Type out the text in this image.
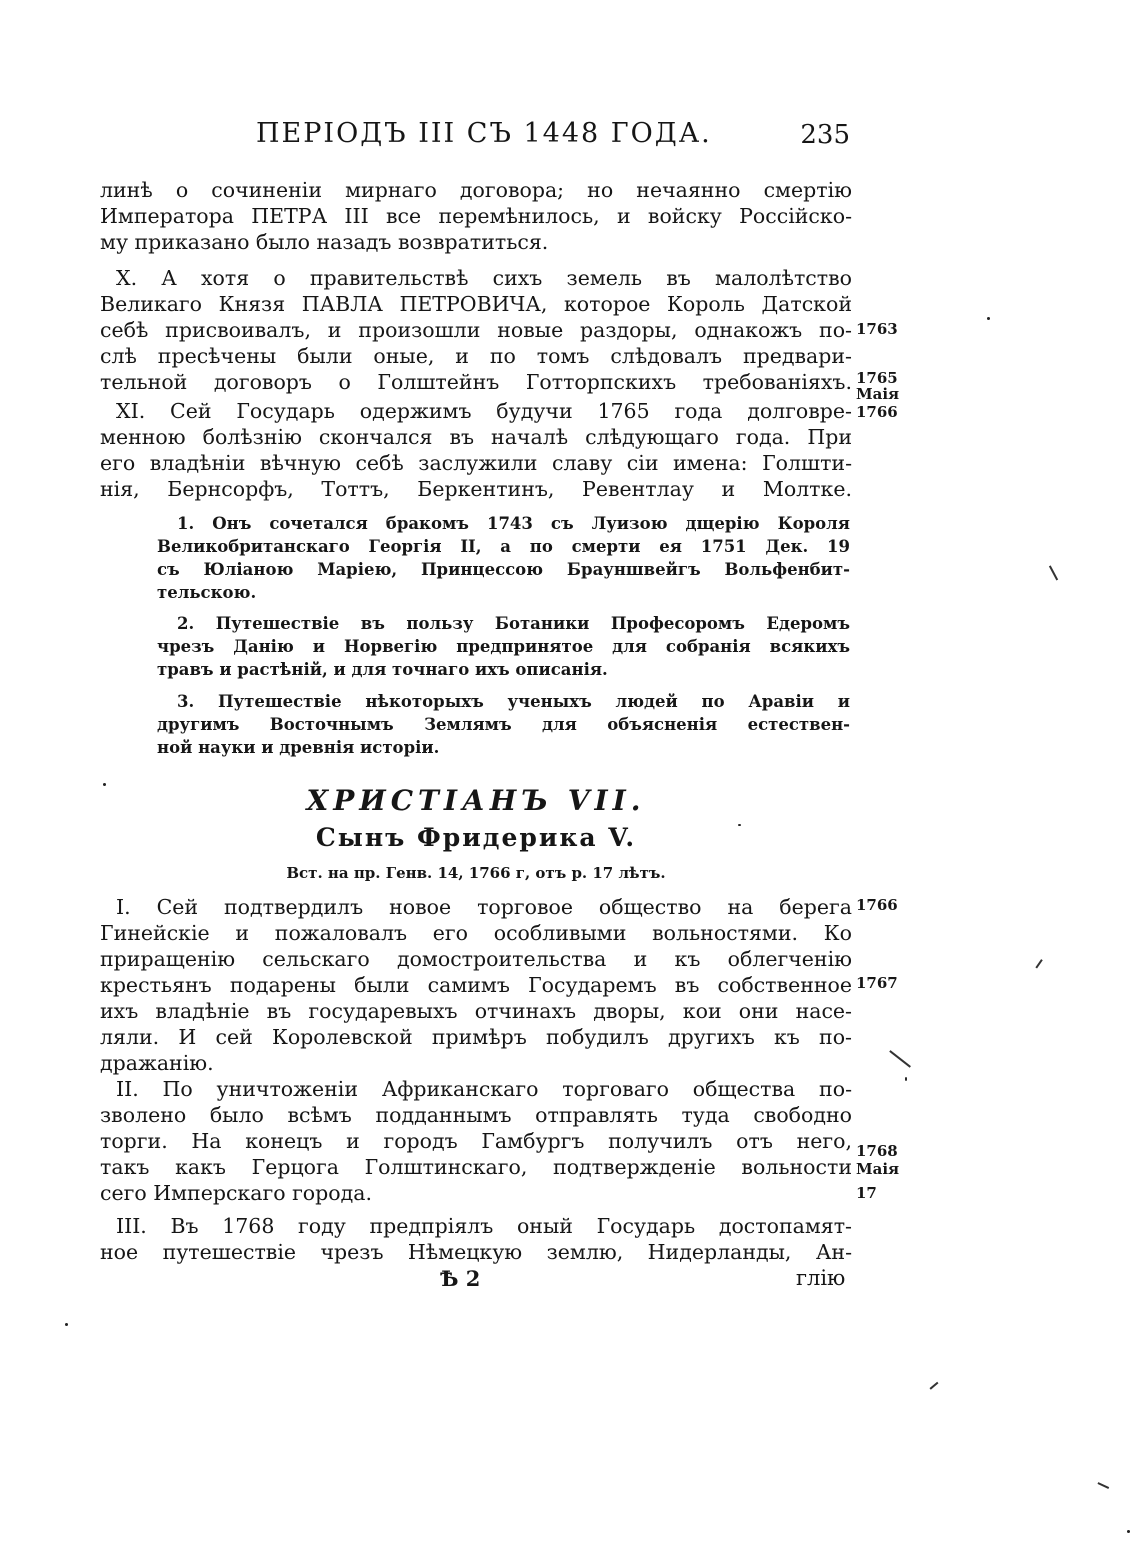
ПЕРIОДЪ III СЪ 1448 ГОДА.	235
линѣ о сочиненiи мирнаго договора; но нечаянно смертiю
Императора ПЕТРА III все перемѣнилось, и войску Россiйско-
му приказано было назадъ возвратиться.
X. А хотя о правительствѣ сихъ земель въ малолѣтство
Великаго Князя ПАВЛА ПЕТРОВИЧА, которое Король Датской
себѣ присвоивалъ, и произошли новые раздоры, однакожъ по-
слѣ пресѣчены были оные, и по томъ слѣдовалъ предвари-
тельной договоръ о Голштейнъ Готторпскихъ требованiяхъ.
XI. Сей Государь одержимъ будучи 1765 года долговре-
менною болѣзнiю скончался въ началѣ слѣдующаго года. При
его владѣнiи вѣчную себѣ заслужили славу сiи имена: Голшти-
нiя, Бернсорфъ, Тоттъ, Беркентинъ, Ревентлау и Молтке.
1. Онъ сочетался бракомъ 1743 съ Луизою дщерiю Короля
Великобританскаго Георгiя II, а по смерти ея 1751 Дек. 19
съ Юлiаною Марiею, Принцессою Брауншвейгъ Вольфенбит-
тельскою.
2. Путешествiе въ пользу Ботаники Професоромъ Едеромъ
чрезъ Данiю и Норвегiю предпринятое для собранiя всякихъ
травъ и растѣнiй, и для точнаго ихъ описанiя.
3. Путешествiе нѣкоторыхъ ученыхъ людей по Аравiи и
другимъ Восточнымъ Землямъ для объясненiя естествен-
ной науки и древнiя исторiи.
ХРИСТIАНЪ VII.
Сынъ Фридерика V.
Вст. на пр. Генв. 14, 1766 г, отъ р. 17 лѣтъ.
I. Сей подтвердилъ новое торговое общество на берега
Гинейскiе и пожаловалъ его особливыми вольностями. Ко
приращенiю сельскаго домостроительства и къ облегченiю
крестьянъ подарены были самимъ Государемъ въ собственное
ихъ владѣнiе въ государевыхъ отчинахъ дворы, кои они насе-
ляли. И сей Королевской примѣръ побудилъ другихъ къ по-
дражанiю.
II. По уничтоженiи Африканскаго торговаго общества по-
зволено было всѣмъ подданнымъ отправлять туда свободно
торги. На конецъ и городъ Гамбургъ получилъ отъ него,
такъ какъ Герцога Голштинскаго, подтвержденiе вольности
сего Имперскаго города.
III. Въ 1768 году предпрiялъ оный Государь достопамят-
ное путешествiе чрезъ Нѣмецкую землю, Нидерланды, Ан-
Ѣ 2	глiю
1763
1765
Маiя
1766
1766
1767
1768
Маiя
17
